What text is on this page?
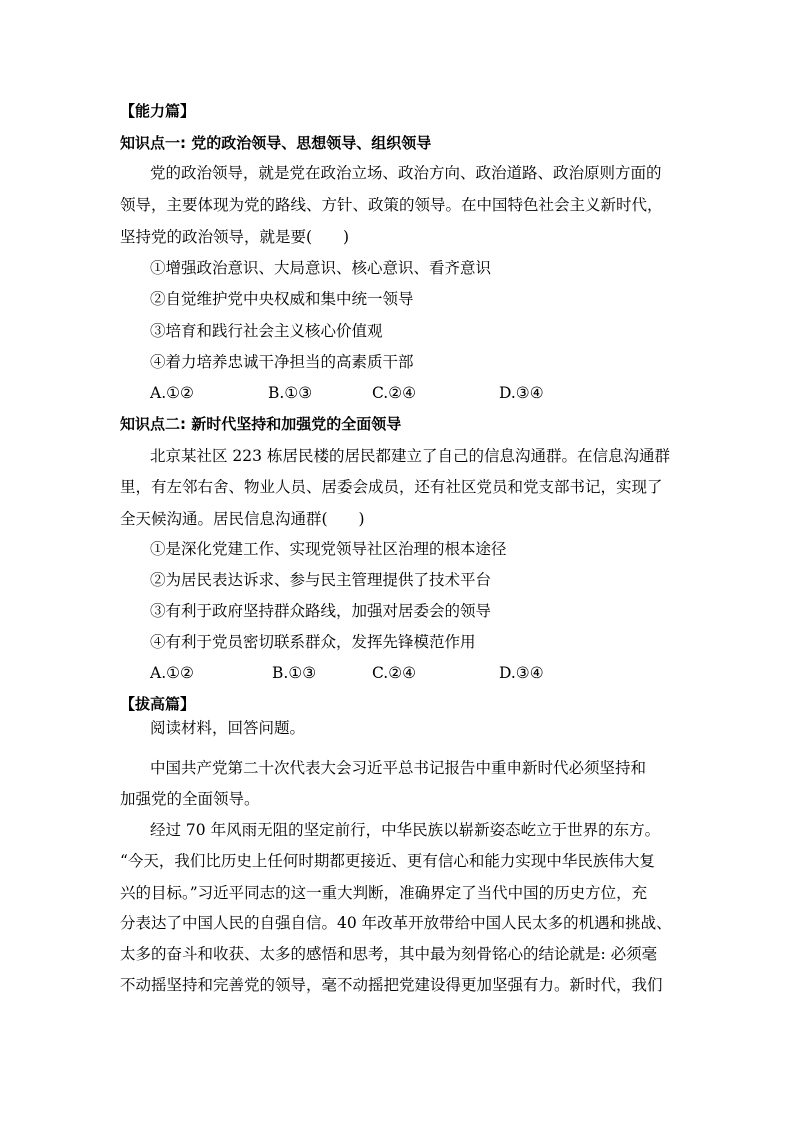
【能力篇】
知识点一: 党的政治领导、思想领导、组织领导
党的政治领导，就是党在政治立场、政治方向、政治道路、政治原则方面的
领导，主要体现为党的路线、方针、政策的领导。在中国特色社会主义新时代，
坚持党的政治领导，就是要(　　)
①增强政治意识、大局意识、核心意识、看齐意识
②自觉维护党中央权威和集中统一领导
③培育和践行社会主义核心价值观
④着力培养忠诚干净担当的高素质干部
A.①②	B.①③	C.②④	D.③④
知识点二: 新时代坚持和加强党的全面领导
北京某社区 223 栋居民楼的居民都建立了自己的信息沟通群。在信息沟通群
里，有左邻右舍、物业人员、居委会成员，还有社区党员和党支部书记，实现了
全天候沟通。居民信息沟通群(　　)
①是深化党建工作、实现党领导社区治理的根本途径
②为居民表达诉求、参与民主管理提供了技术平台
③有利于政府坚持群众路线，加强对居委会的领导
④有利于党员密切联系群众，发挥先锋模范作用
A.①②	B.①③	C.②④	D.③④
【拔高篇】
阅读材料，回答问题。
中国共产党第二十次代表大会习近平总书记报告中重申新时代必须坚持和
加强党的全面领导。
经过 70 年风雨无阻的坚定前行，中华民族以崭新姿态屹立于世界的东方。
“今天，我们比历史上任何时期都更接近、更有信心和能力实现中华民族伟大复
兴的目标。”习近平同志的这一重大判断，准确界定了当代中国的历史方位，充
分表达了中国人民的自强自信。40 年改革开放带给中国人民太多的机遇和挑战、
太多的奋斗和收获、太多的感悟和思考，其中最为刻骨铭心的结论就是: 必须毫
不动摇坚持和完善党的领导，毫不动摇把党建设得更加坚强有力。新时代，我们
